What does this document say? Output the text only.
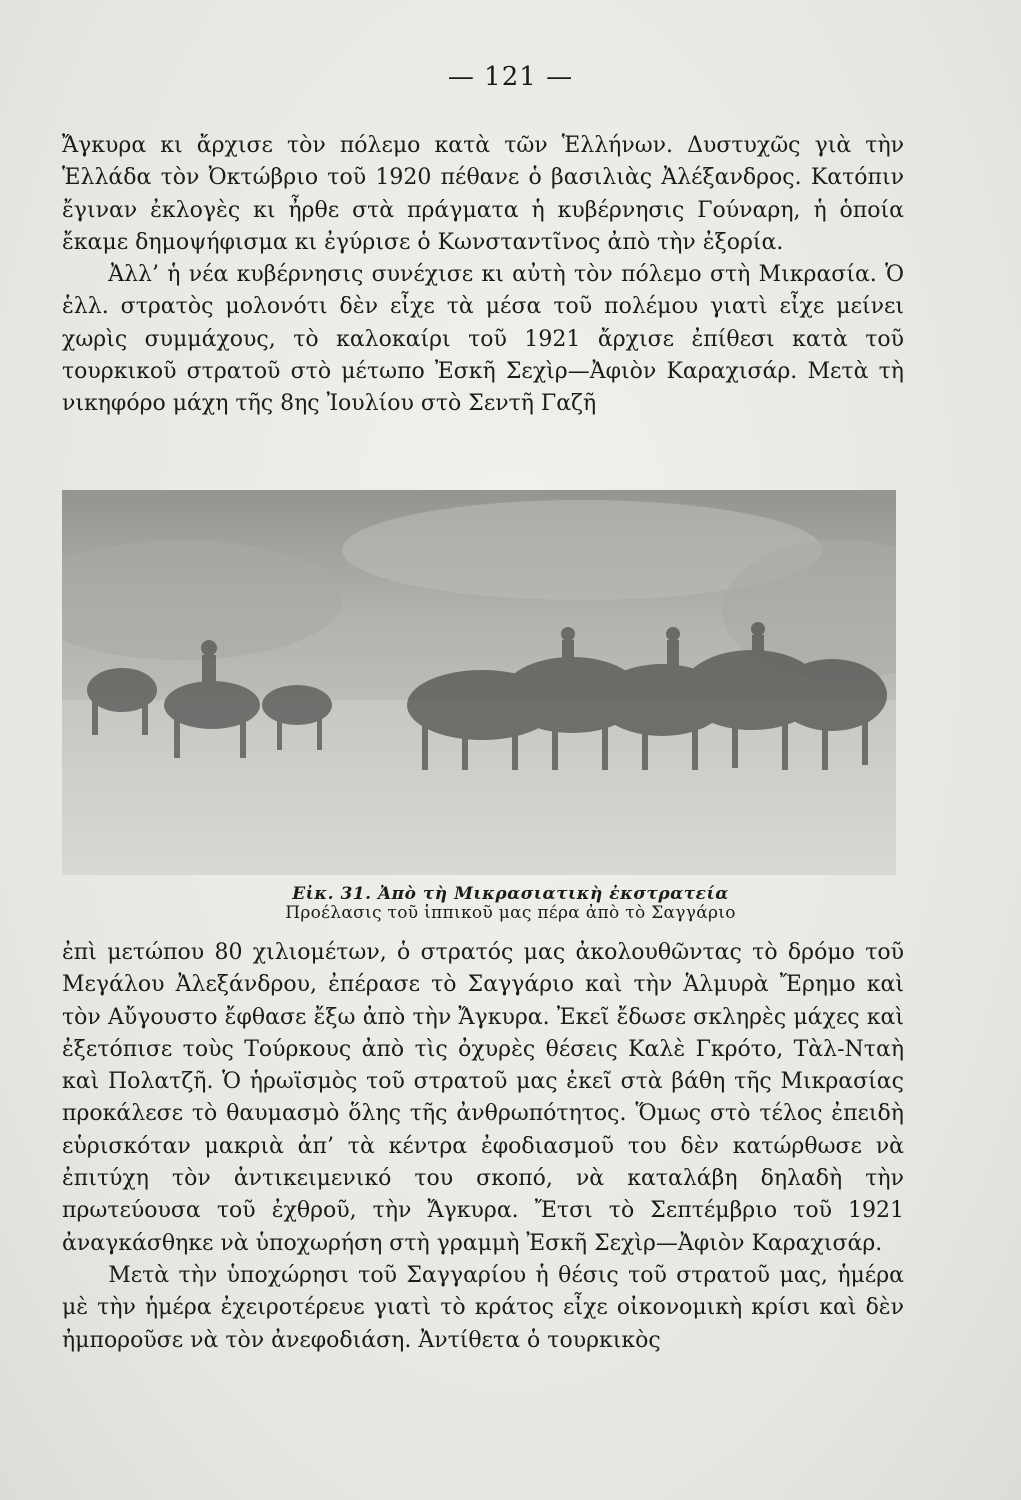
— 121 —

Ἄγκυρα κι ἄρχισε τὸν πόλεμο κατὰ τῶν Ἑλλήνων. Δυστυχῶς γιὰ τὴν Ἑλλάδα τὸν Ὀκτώβριο τοῦ 1920 πέθανε ὁ βασιλιὰς Ἀλέξανδρος. Κατόπιν ἔγιναν ἐκλογὲς κι ἦρθε στὰ πράγματα ἡ κυβέρνησις Γούναρη, ἡ ὁποία ἔκαμε δημοψήφισμα κι ἐγύρισε ὁ Κωνσταντῖνος ἀπὸ τὴν ἐξορία.

Ἀλλ’ ἡ νέα κυβέρνησις συνέχισε κι αὐτὴ τὸν πόλεμο στὴ Μικρασία. Ὁ ἑλλ. στρατὸς μολονότι δὲν εἶχε τὰ μέσα τοῦ πολέμου γιατὶ εἶχε μείνει χωρὶς συμμάχους, τὸ καλοκαίρι τοῦ 1921 ἄρχισε ἐπίθεσι κατὰ τοῦ τουρκικοῦ στρατοῦ στὸ μέτωπο Ἐσκῆ Σεχὶρ—Ἀφιὸν Καραχισάρ. Μετὰ τὴ νικηφόρο μάχη τῆς 8ης Ἰουλίου στὸ Σεντῆ Γαζῆ

Εἰκ. 31. Ἀπὸ τὴ Μικρασιατικὴ ἐκστρατεία
Προέλασις τοῦ ἱππικοῦ μας πέρα ἀπὸ τὸ Σαγγάριο

ἐπὶ μετώπου 80 χιλιομέτων, ὁ στρατός μας ἀκολουθῶντας τὸ δρόμο τοῦ Μεγάλου Ἀλεξάνδρου, ἐπέρασε τὸ Σαγγάριο καὶ τὴν Ἁλμυρὰ Ἔρημο καὶ τὸν Αὔγουστο ἔφθασε ἔξω ἀπὸ τὴν Ἄγκυρα. Ἐκεῖ ἔδωσε σκληρὲς μάχες καὶ ἐξετόπισε τοὺς Τούρκους ἀπὸ τὶς ὀχυρὲς θέσεις Καλὲ Γκρότο, Τὰλ-Νταὴ καὶ Πολατζῆ. Ὁ ἡρωϊσμὸς τοῦ στρατοῦ μας ἐκεῖ στὰ βάθη τῆς Μικρασίας προκάλεσε τὸ θαυμασμὸ ὅλης τῆς ἀνθρωπότητος. Ὅμως στὸ τέλος ἐπειδὴ εὑρισκόταν μακριὰ ἀπ’ τὰ κέντρα ἐφοδιασμοῦ του δὲν κατώρθωσε νὰ ἐπιτύχη τὸν ἀντικειμενικό του σκοπό, νὰ καταλάβη δηλαδὴ τὴν πρωτεύουσα τοῦ ἐχθροῦ, τὴν Ἄγκυρα. Ἔτσι τὸ Σεπτέμβριο τοῦ 1921 ἀναγκάσθηκε νὰ ὑποχωρήση στὴ γραμμὴ Ἐσκῆ Σεχὶρ—Ἀφιὸν Καραχισάρ.

Μετὰ τὴν ὑποχώρησι τοῦ Σαγγαρίου ἡ θέσις τοῦ στρατοῦ μας, ἡμέρα μὲ τὴν ἡμέρα ἐχειροτέρευε γιατὶ τὸ κράτος εἶχε οἰκονομικὴ κρίσι καὶ δὲν ἠμποροῦσε νὰ τὸν ἀνεφοδιάση. Ἀντίθετα ὁ τουρκικὸς
